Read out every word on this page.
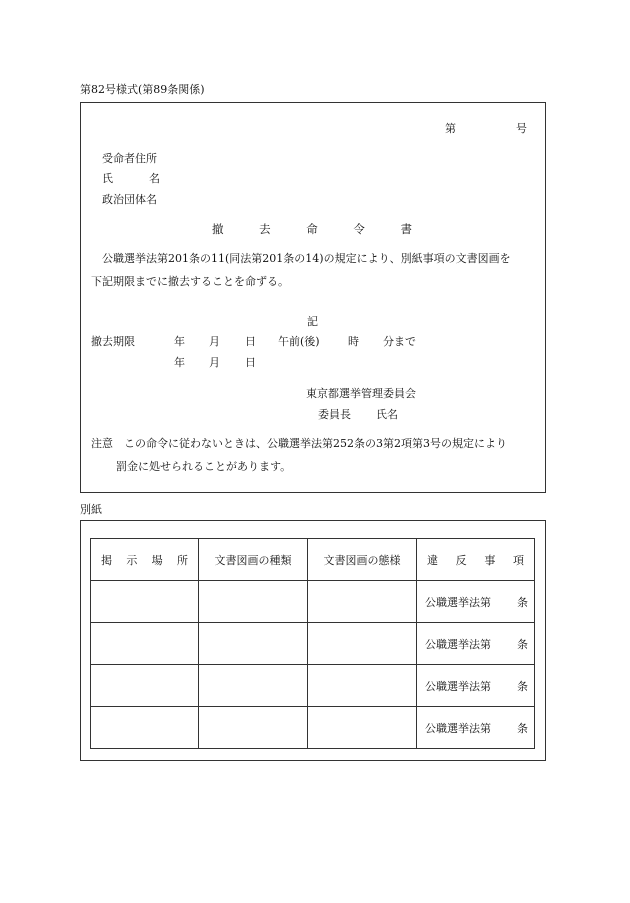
第82号様式(第89条関係)
第	号
受命者住所
氏	名
政治団体名
撤	去	命	令	書
公職選挙法第201条の11(同法第201条の14)の規定により、別紙事項の文書図画を
下記期限までに撤去することを命ずる。
記
撤去期限	年 月 日 午前(後)	時 分まで
年 月 日
東京都選挙管理委員会
委員長 氏名
注意　この命令に従わないときは、公職選挙法第252条の3第2項第3号の規定により
罰金に処せられることがあります。
別紙
掲 示 場 所	文書図画の種類	文書図画の態様	違 反 事 項

			公職選挙法第 条

			公職選挙法第 条

			公職選挙法第 条

			公職選挙法第 条
